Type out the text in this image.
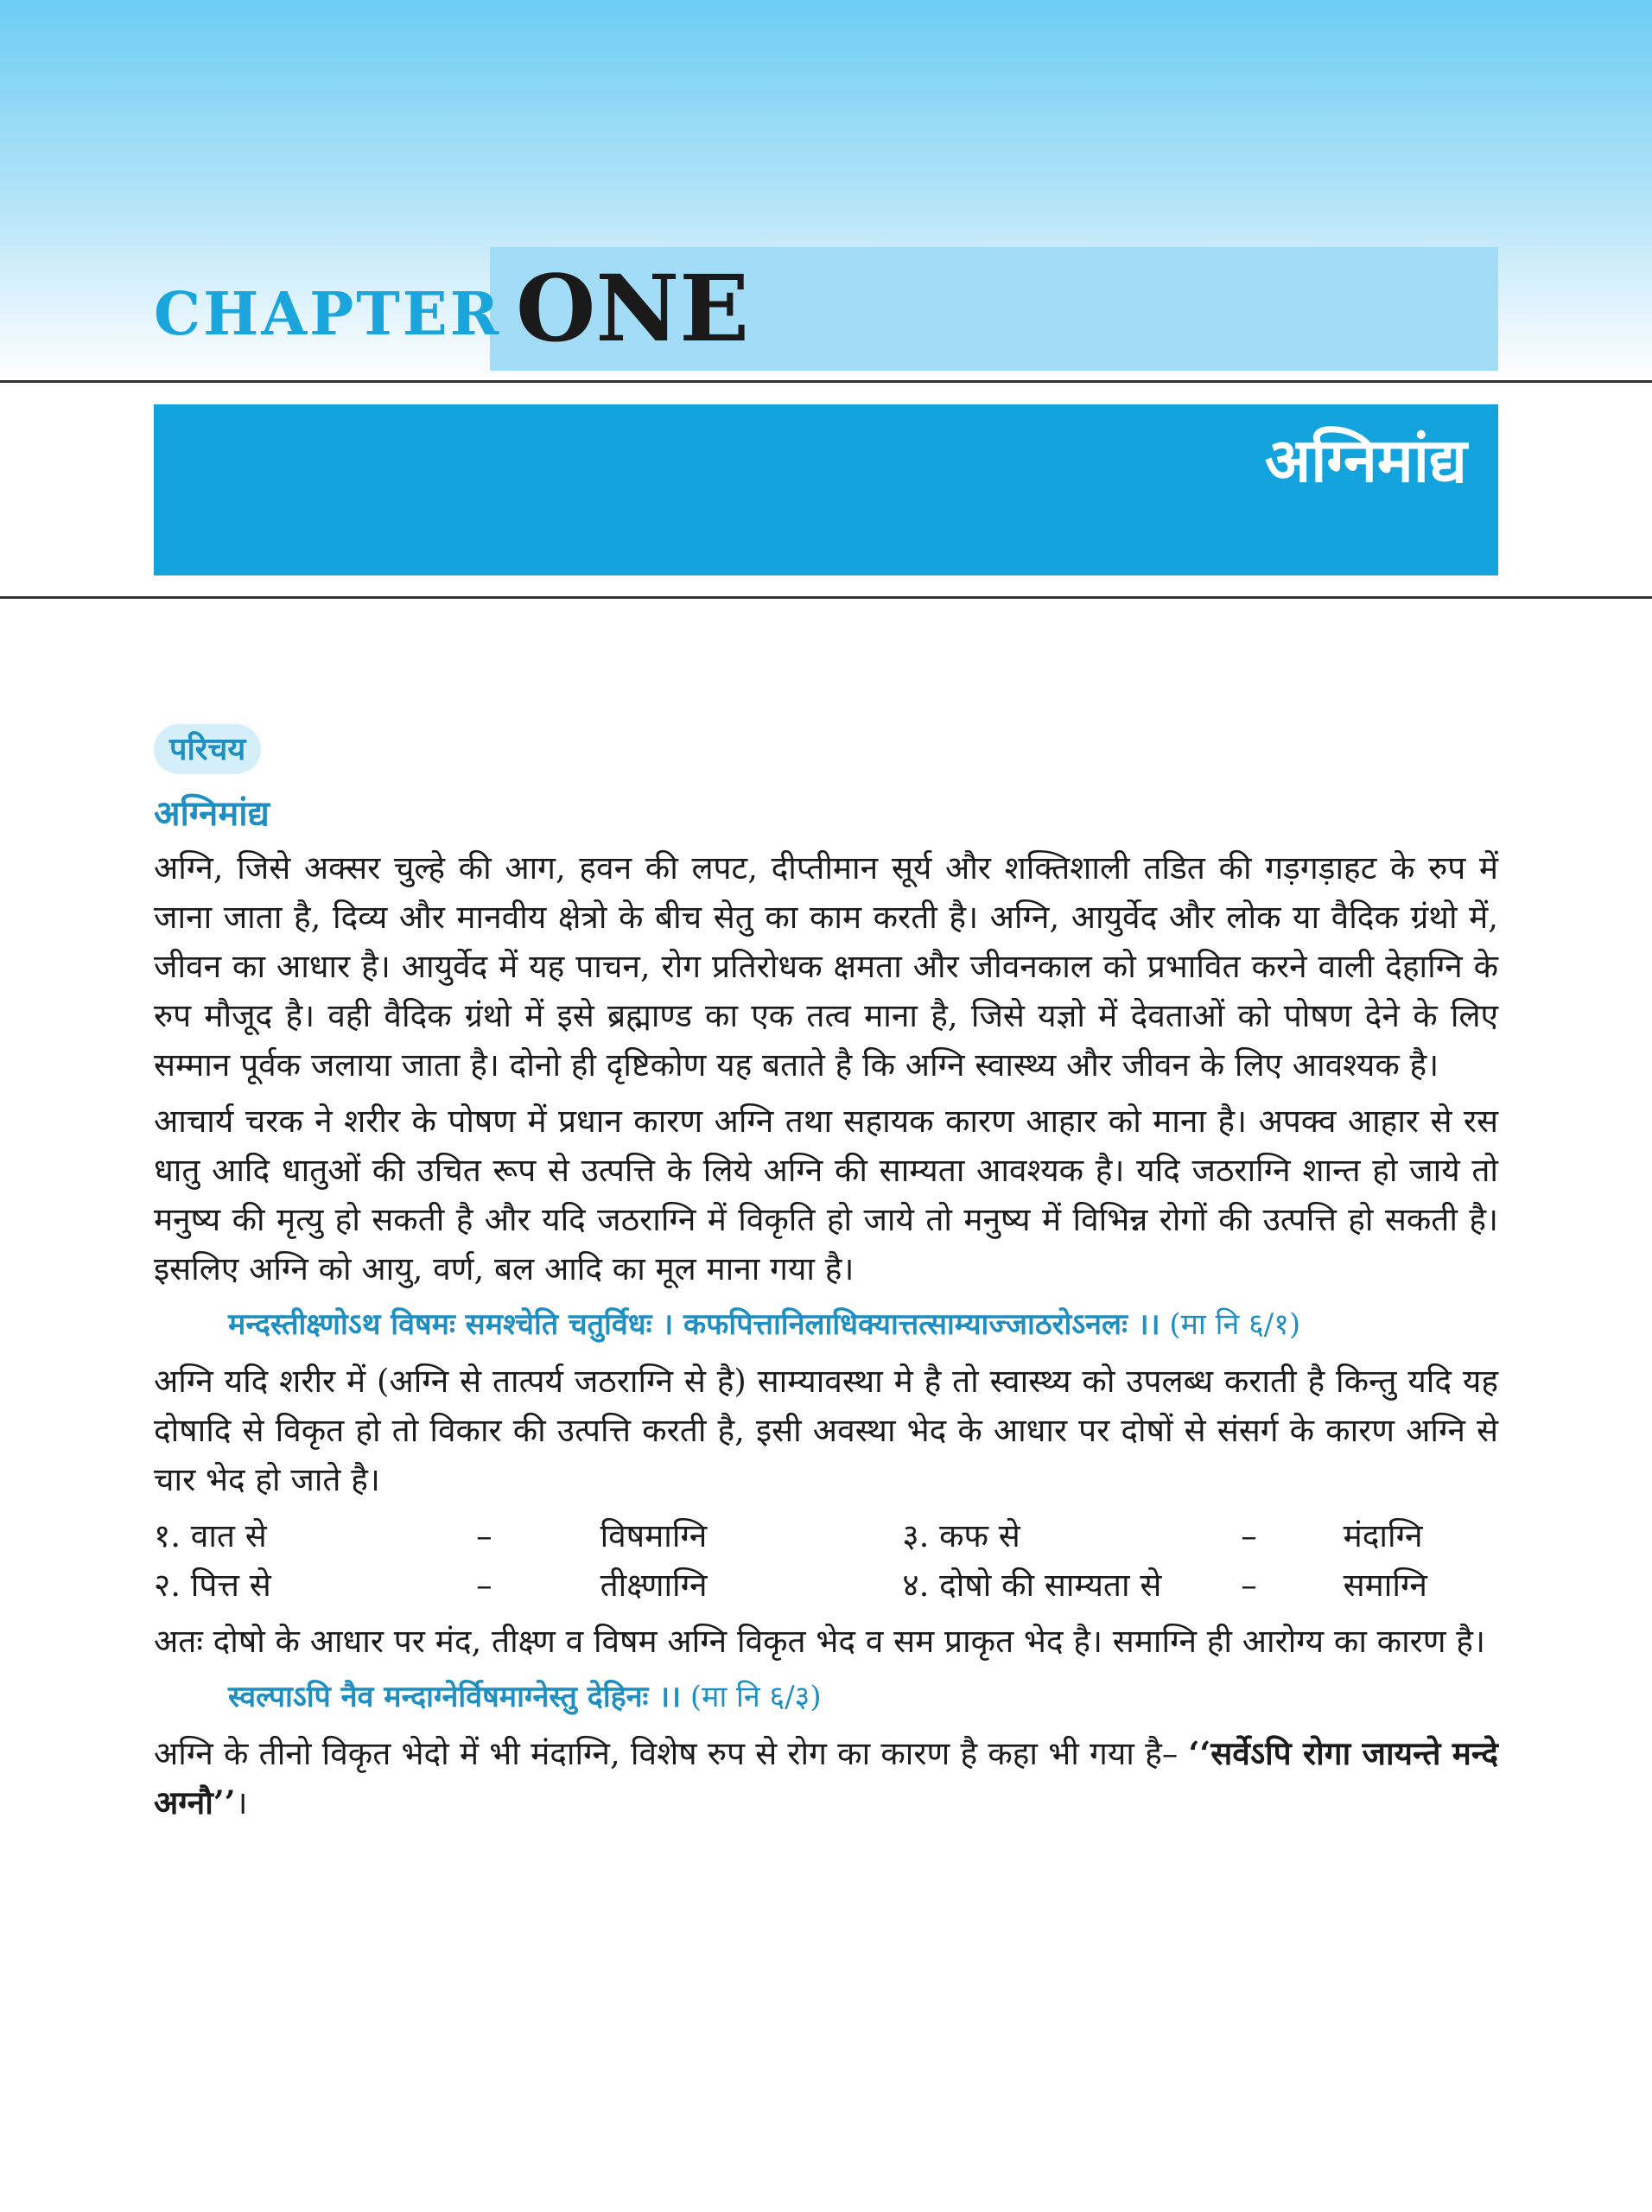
CHAPTER ONE
अग्निमांद्य
परिचय
अग्निमांद्य
अग्नि, जिसे अक्सर चुल्हे की आग, हवन की लपट, दीप्तीमान सूर्य और शक्तिशाली तडित की गड़गड़ाहट के रुप में जाना जाता है, दिव्य और मानवीय क्षेत्रो के बीच सेतु का काम करती है। अग्नि, आयुर्वेद और लोक या वैदिक ग्रंथो में, जीवन का आधार है। आयुर्वेद में यह पाचन, रोग प्रतिरोधक क्षमता और जीवनकाल को प्रभावित करने वाली देहाग्नि के रुप मौजूद है। वही वैदिक ग्रंथो में इसे ब्रह्माण्ड का एक तत्व माना है, जिसे यज्ञो में देवताओं को पोषण देने के लिए सम्मान पूर्वक जलाया जाता है। दोनो ही दृष्टिकोण यह बताते है कि अग्नि स्वास्थ्य और जीवन के लिए आवश्यक है।
आचार्य चरक ने शरीर के पोषण में प्रधान कारण अग्नि तथा सहायक कारण आहार को माना है। अपक्व आहार से रस धातु आदि धातुओं की उचित रूप से उत्पत्ति के लिये अग्नि की साम्यता आवश्यक है। यदि जठराग्नि शान्त हो जाये तो मनुष्य की मृत्यु हो सकती है और यदि जठराग्नि में विकृति हो जाये तो मनुष्य में विभिन्न रोगों की उत्पत्ति हो सकती है। इसलिए अग्नि को आयु, वर्ण, बल आदि का मूल माना गया है।
मन्दस्तीक्ष्णोऽथ विषमः समश्चेति चतुर्विधः । कफपित्तानिलाधिक्यात्तत्साम्याज्जाठरोऽनलः ।। (मा नि ६/१)
अग्नि यदि शरीर में (अग्नि से तात्पर्य जठराग्नि से है) साम्यावस्था मे है तो स्वास्थ्य को उपलब्ध कराती है किन्तु यदि यह दोषादि से विकृत हो तो विकार की उत्पत्ति करती है, इसी अवस्था भेद के आधार पर दोषों से संसर्ग के कारण अग्नि से चार भेद हो जाते है।
१. वात से	–	विषमाग्नि	३. कफ से	–	मंदाग्नि
२. पित्त से	–	तीक्ष्णाग्नि	४. दोषो की साम्यता से	–	समाग्नि
अतः दोषो के आधार पर मंद, तीक्ष्ण व विषम अग्नि विकृत भेद व सम प्राकृत भेद है। समाग्नि ही आरोग्य का कारण है।
स्वल्पाऽपि नैव मन्दाग्नेर्विषमाग्नेस्तु देहिनः ।। (मा नि ६/३)
अग्नि के तीनो विकृत भेदो में भी मंदाग्नि, विशेष रुप से रोग का कारण है कहा भी गया है– ‘‘सर्वेऽपि रोगा जायन्ते मन्दे अग्नौ’’।
